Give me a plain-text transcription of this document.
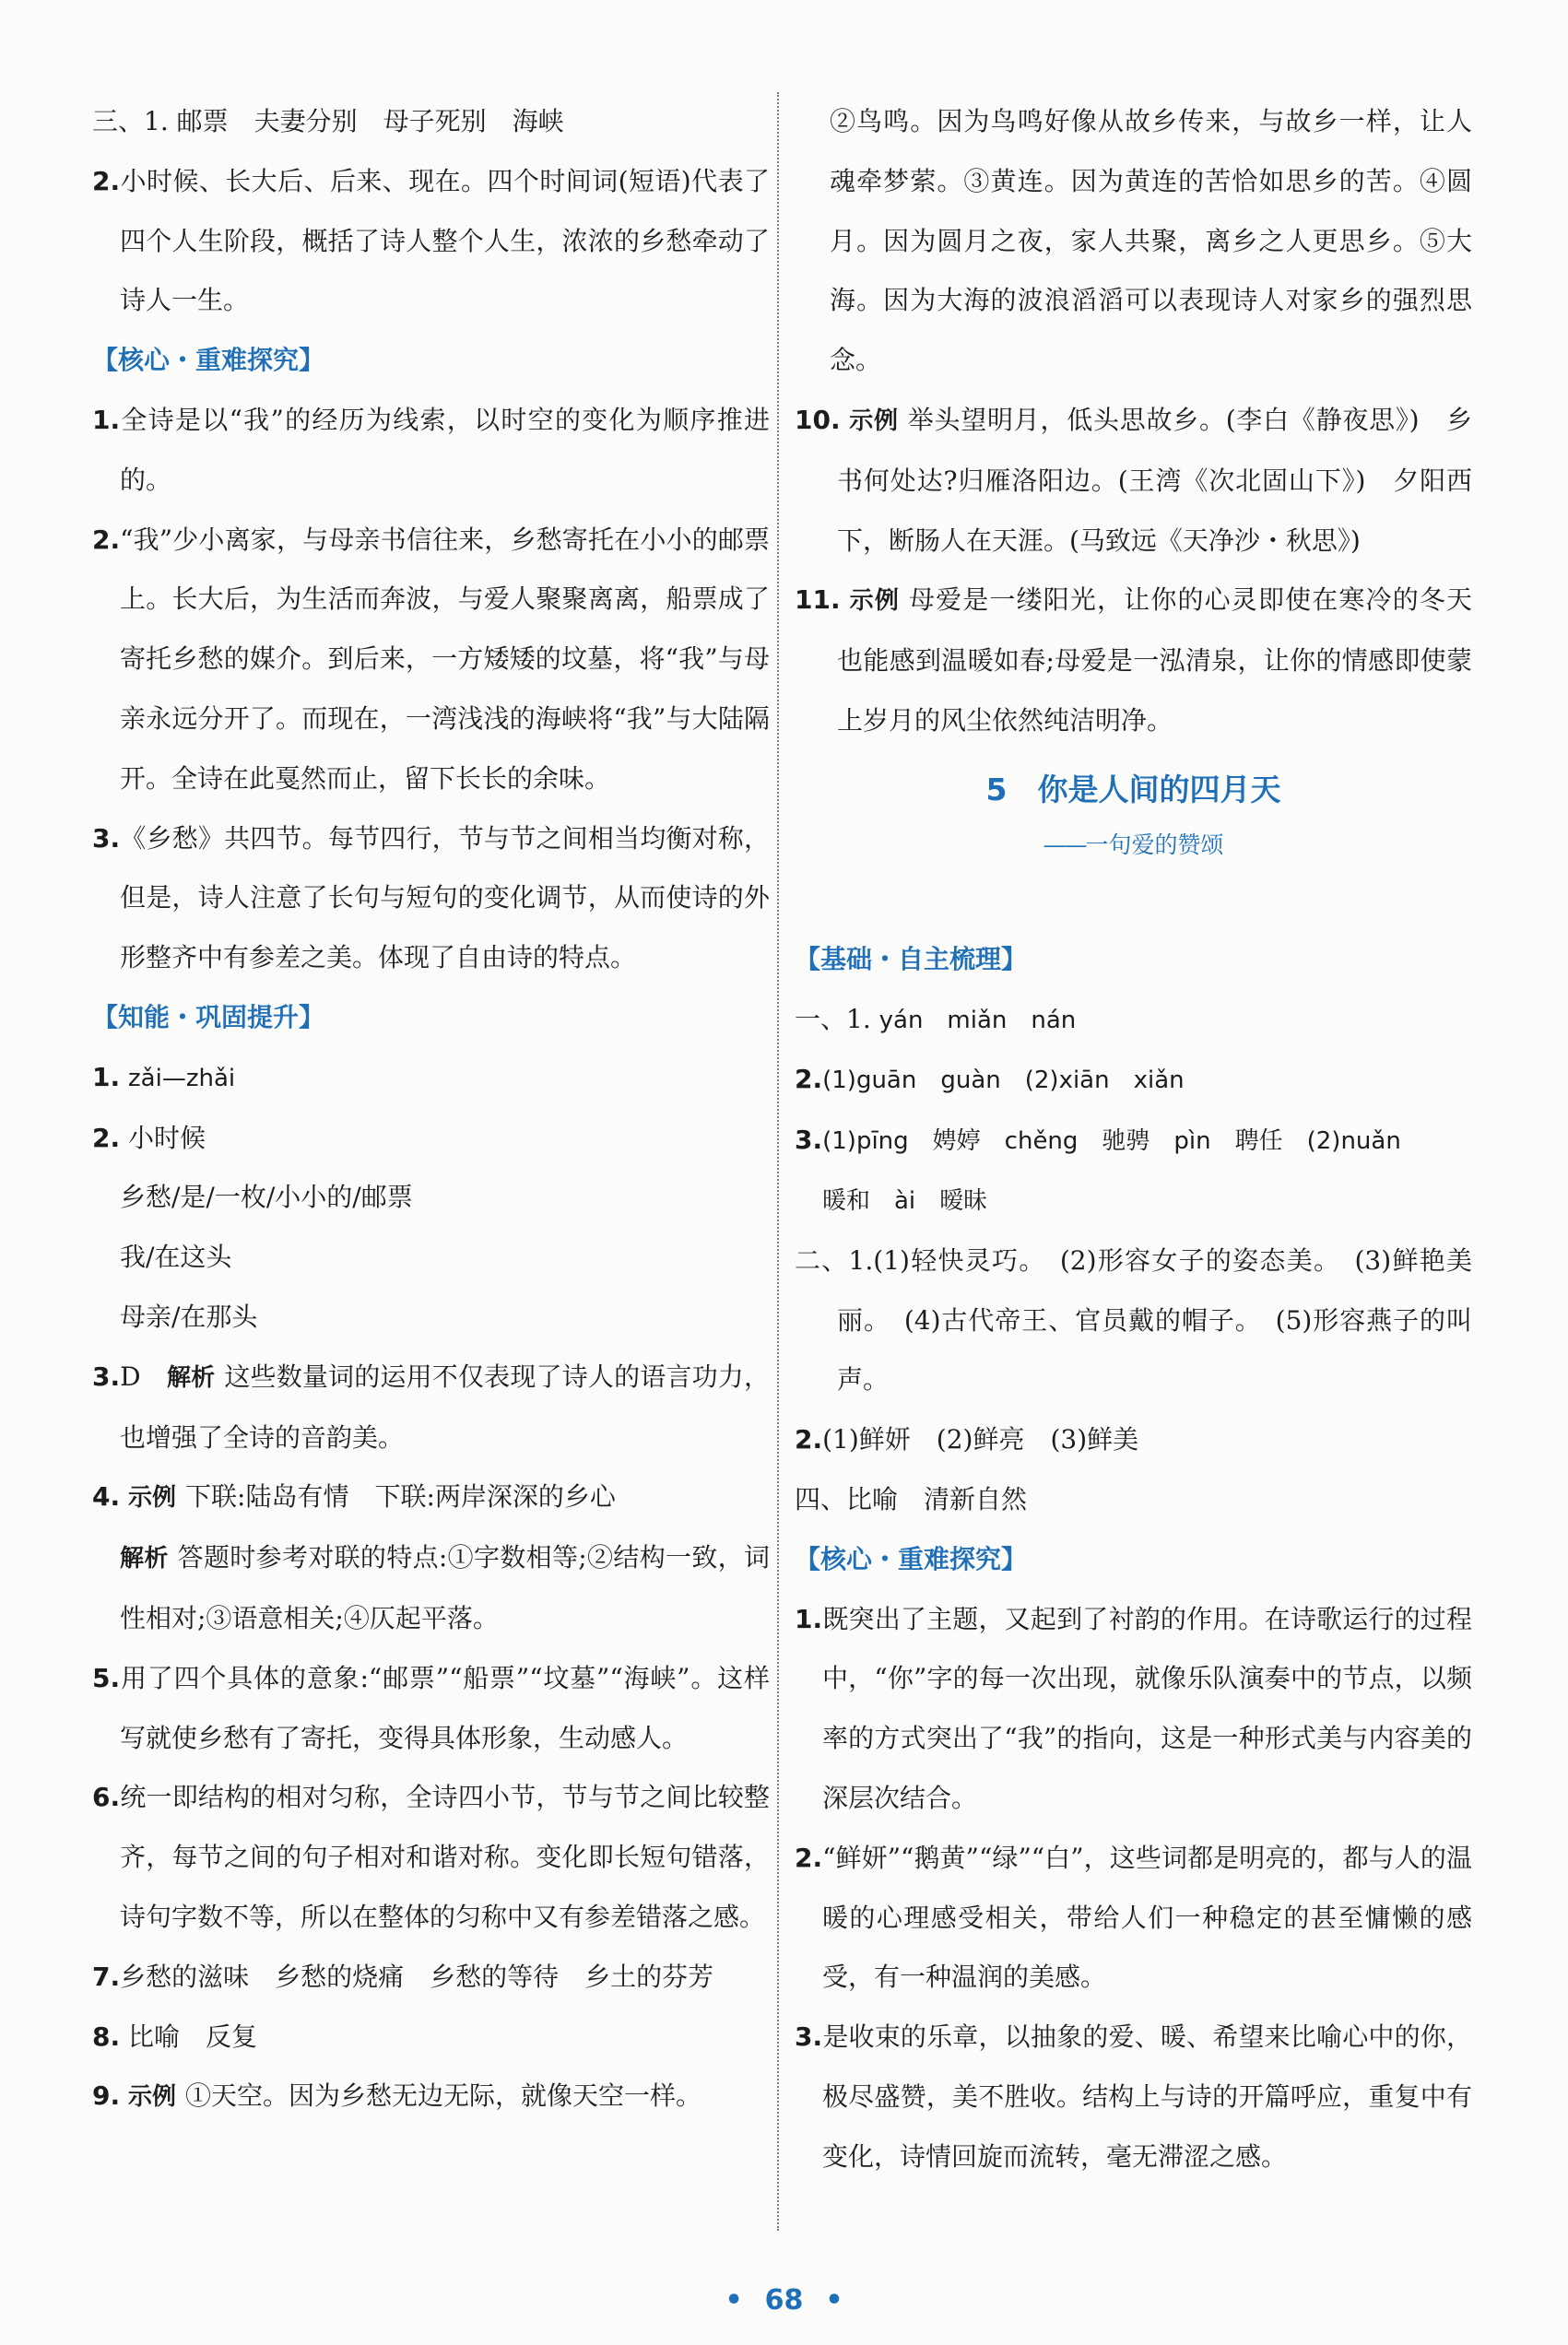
三、1. 邮票　夫妻分别　母子死别　海峡

2.小时候、长大后、后来、现在。四个时间词(短语)代表了四个人生阶段，概括了诗人整个人生，浓浓的乡愁牵动了诗人一生。

【核心・重难探究】

1.全诗是以“我”的经历为线索，以时空的变化为顺序推进的。

2.“我”少小离家，与母亲书信往来，乡愁寄托在小小的邮票上。长大后，为生活而奔波，与爱人聚聚离离，船票成了寄托乡愁的媒介。到后来，一方矮矮的坟墓，将“我”与母亲永远分开了。而现在，一湾浅浅的海峡将“我”与大陆隔开。全诗在此戛然而止，留下长长的余味。

3.《乡愁》共四节。每节四行，节与节之间相当均衡对称，但是，诗人注意了长句与短句的变化调节，从而使诗的外形整齐中有参差之美。体现了自由诗的特点。

【知能・巩固提升】

1. zǎi—zhǎi

2. 小时候

乡愁/是/一枚/小小的/邮票

我/在这头

母亲/在那头

3.D　 解析 这些数量词的运用不仅表现了诗人的语言功力，也增强了全诗的音韵美。

4. 示例 下联:陆岛有情　下联:两岸深深的乡心

解析 答题时参考对联的特点:①字数相等;②结构一致，词性相对;③语意相关;④仄起平落。

5.用了四个具体的意象:“邮票”“船票”“坟墓”“海峡”。这样写就使乡愁有了寄托，变得具体形象，生动感人。

6.统一即结构的相对匀称，全诗四小节，节与节之间比较整齐，每节之间的句子相对和谐对称。变化即长短句错落，诗句字数不等，所以在整体的匀称中又有参差错落之感。

7.乡愁的滋味　乡愁的烧痛　乡愁的等待　乡土的芬芳

8. 比喻　反复

9. 示例 ①天空。因为乡愁无边无际，就像天空一样。

②鸟鸣。因为鸟鸣好像从故乡传来，与故乡一样，让人魂牵梦萦。③黄连。因为黄连的苦恰如思乡的苦。④圆月。因为圆月之夜，家人共聚，离乡之人更思乡。⑤大海。因为大海的波浪滔滔可以表现诗人对家乡的强烈思念。

10. 示例 举头望明月，低头思故乡。(李白《静夜思》)　乡书何处达?归雁洛阳边。(王湾《次北固山下》)　夕阳西下，断肠人在天涯。(马致远《天净沙・秋思》)

11. 示例 母爱是一缕阳光，让你的心灵即使在寒冷的冬天也能感到温暖如春;母爱是一泓清泉，让你的情感即使蒙上岁月的风尘依然纯洁明净。

5　你是人间的四月天

——一句爱的赞颂

【基础・自主梳理】

一、1. yán　miǎn　nán

2.(1)guān　guàn　(2)xiān　xiǎn

3.(1)pīng　娉婷　chěng　驰骋　pìn　聘任　(2)nuǎn

暖和　ài　暧昧

二、1.(1)轻快灵巧。　(2)形容女子的姿态美。　(3)鲜艳美丽。　(4)古代帝王、官员戴的帽子。　(5)形容燕子的叫声。

2.(1)鲜妍　(2)鲜亮　(3)鲜美

四、比喻　清新自然

【核心・重难探究】

1.既突出了主题，又起到了衬韵的作用。在诗歌运行的过程中，“你”字的每一次出现，就像乐队演奏中的节点，以频率的方式突出了“我”的指向，这是一种形式美与内容美的深层次结合。

2.“鲜妍”“鹅黄”“绿”“白”，这些词都是明亮的，都与人的温暖的心理感受相关，带给人们一种稳定的甚至慵懒的感受，有一种温润的美感。

3.是收束的乐章，以抽象的爱、暖、希望来比喻心中的你，极尽盛赞，美不胜收。结构上与诗的开篇呼应，重复中有变化，诗情回旋而流转，毫无滞涩之感。

• 68 •
